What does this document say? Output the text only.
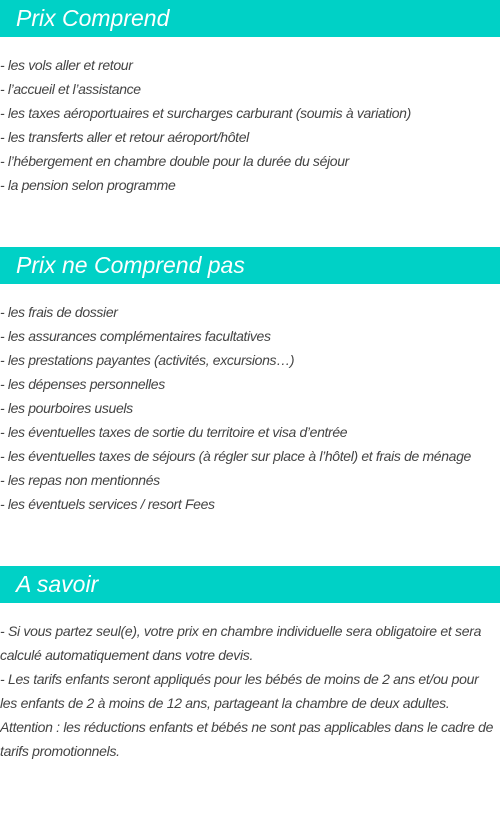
Prix Comprend
- les vols aller et retour
- l’accueil et l’assistance
- les taxes aéroportuaires et surcharges carburant (soumis à variation)
- les transferts aller et retour aéroport/hôtel
- l’hébergement en chambre double pour la durée du séjour
- la pension selon programme
Prix ne Comprend pas
- les frais de dossier
- les assurances complémentaires facultatives
- les prestations payantes (activités, excursions…)
- les dépenses personnelles
- les pourboires usuels
- les éventuelles taxes de sortie du territoire et visa d’entrée
- les éventuelles taxes de séjours (à régler sur place à l’hôtel) et frais de ménage
- les repas non mentionnés
- les éventuels services / resort Fees
A savoir

- Si vous partez seul(e), votre prix en chambre individuelle sera obligatoire et sera calculé automatiquement dans votre devis.

- Les tarifs enfants seront appliqués pour les bébés de moins de 2 ans et/ou pour les enfants de 2 à moins de 12 ans, partageant la chambre de deux adultes.

Attention : les réductions enfants et bébés ne sont pas applicables dans le cadre de tarifs promotionnels.
